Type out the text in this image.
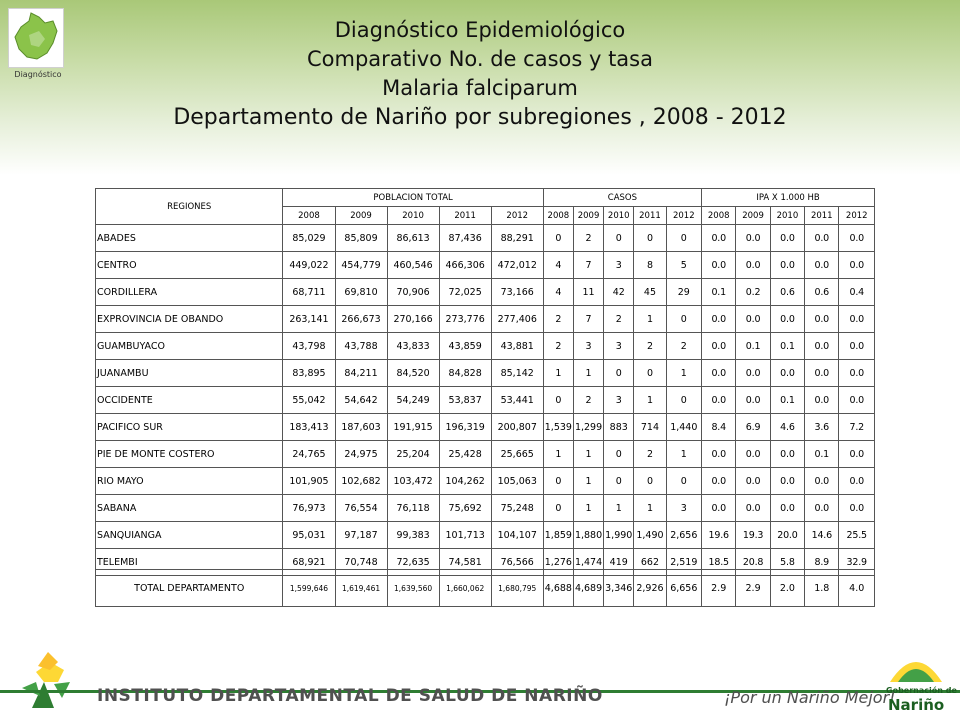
Diagnóstico
Diagnóstico Epidemiológico
Comparativo No. de casos y tasa
Malaria falciparum
Departamento de Nariño por subregiones , 2008 - 2012
REGIONES	POBLACION TOTAL					CASOS					IPA X 1.000 HB				
	2008	2009	2010	2011	2012	2008	2009	2010	2011	2012	2008	2009	2010	2011	2012
ABADES	85,029	85,809	86,613	87,436	88,291	0	2	0	0	0	0.0	0.0	0.0	0.0	0.0
CENTRO	449,022	454,779	460,546	466,306	472,012	4	7	3	8	5	0.0	0.0	0.0	0.0	0.0
CORDILLERA	68,711	69,810	70,906	72,025	73,166	4	11	42	45	29	0.1	0.2	0.6	0.6	0.4
EXPROVINCIA DE OBANDO	263,141	266,673	270,166	273,776	277,406	2	7	2	1	0	0.0	0.0	0.0	0.0	0.0
GUAMBUYACO	43,798	43,788	43,833	43,859	43,881	2	3	3	2	2	0.0	0.1	0.1	0.0	0.0
JUANAMBU	83,895	84,211	84,520	84,828	85,142	1	1	0	0	1	0.0	0.0	0.0	0.0	0.0
OCCIDENTE	55,042	54,642	54,249	53,837	53,441	0	2	3	1	0	0.0	0.0	0.1	0.0	0.0
PACIFICO SUR	183,413	187,603	191,915	196,319	200,807	1,539	1,299	883	714	1,440	8.4	6.9	4.6	3.6	7.2
PIE DE MONTE COSTERO	24,765	24,975	25,204	25,428	25,665	1	1	0	2	1	0.0	0.0	0.0	0.1	0.0
RIO MAYO	101,905	102,682	103,472	104,262	105,063	0	1	0	0	0	0.0	0.0	0.0	0.0	0.0
SABANA	76,973	76,554	76,118	75,692	75,248	0	1	1	1	3	0.0	0.0	0.0	0.0	0.0
SANQUIANGA	95,031	97,187	99,383	101,713	104,107	1,859	1,880	1,990	1,490	2,656	19.6	19.3	20.0	14.6	25.5
TELEMBI	68,921	70,748	72,635	74,581	76,566	1,276	1,474	419	662	2,519	18.5	20.8	5.8	8.9	32.9
TOTAL DEPARTAMENTO	1,599,646	1,619,461	1,639,560	1,660,062	1,680,795	4,688	4,689	3,346	2,926	6,656	2.9	2.9	2.0	1.8	4.0
INSTITUTO DEPARTAMENTAL DE SALUD DE NARIÑO	¡Por un Nariño Mejor!
Gobernación de
Nariño
